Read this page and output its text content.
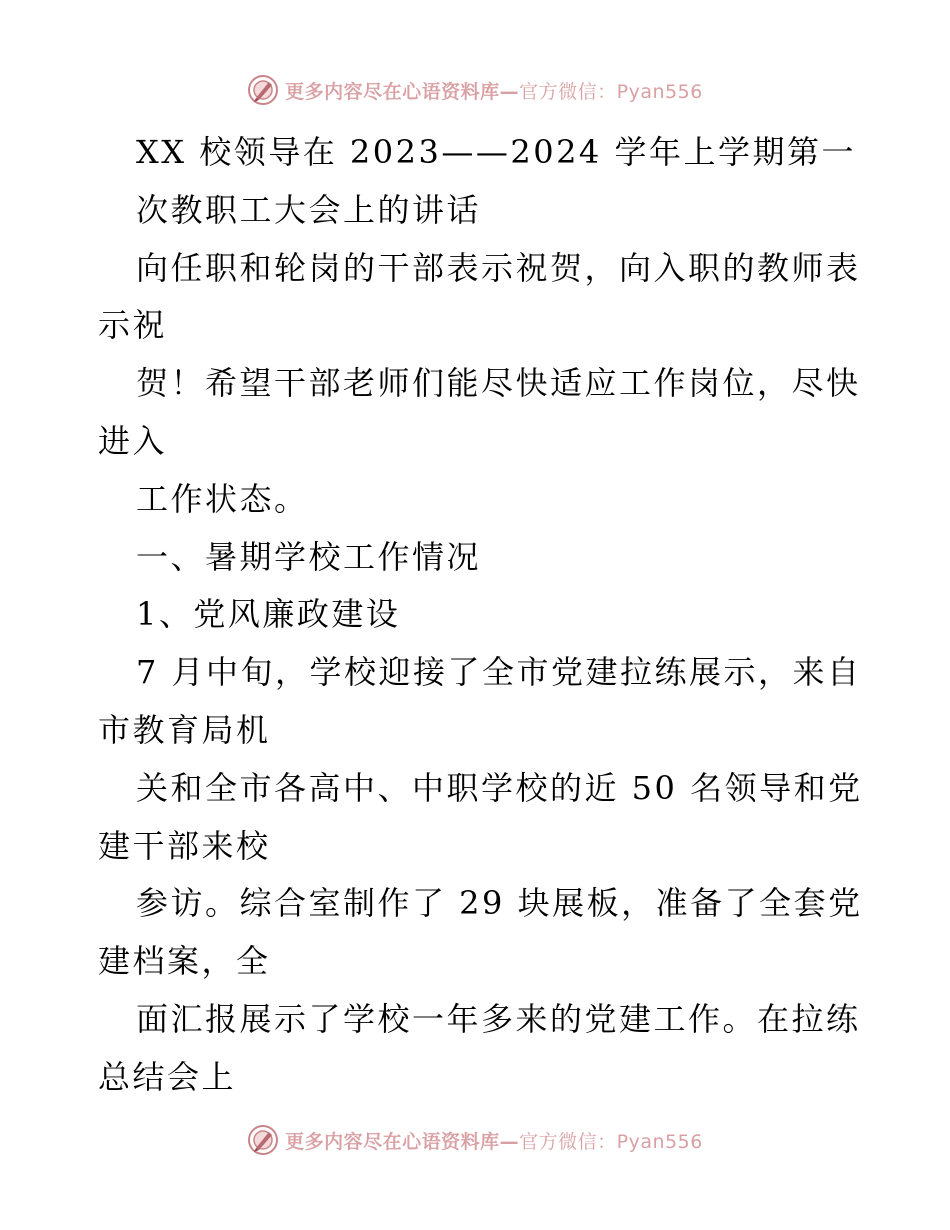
更多内容尽在心语资料库—官方微信：Pyan556
XX 校领导在 2023——2024 学年上学期第一
次教职工大会上的讲话
向任职和轮岗的干部表示祝贺，向入职的教师表
示祝
贺！希望干部老师们能尽快适应工作岗位，尽快
进入
工作状态。
一、暑期学校工作情况
1、党风廉政建设
7 月中旬，学校迎接了全市党建拉练展示，来自
市教育局机
关和全市各高中、中职学校的近 50 名领导和党
建干部来校
参访。综合室制作了 29 块展板，准备了全套党
建档案，全
面汇报展示了学校一年多来的党建工作。在拉练
总结会上
更多内容尽在心语资料库—官方微信：Pyan556
